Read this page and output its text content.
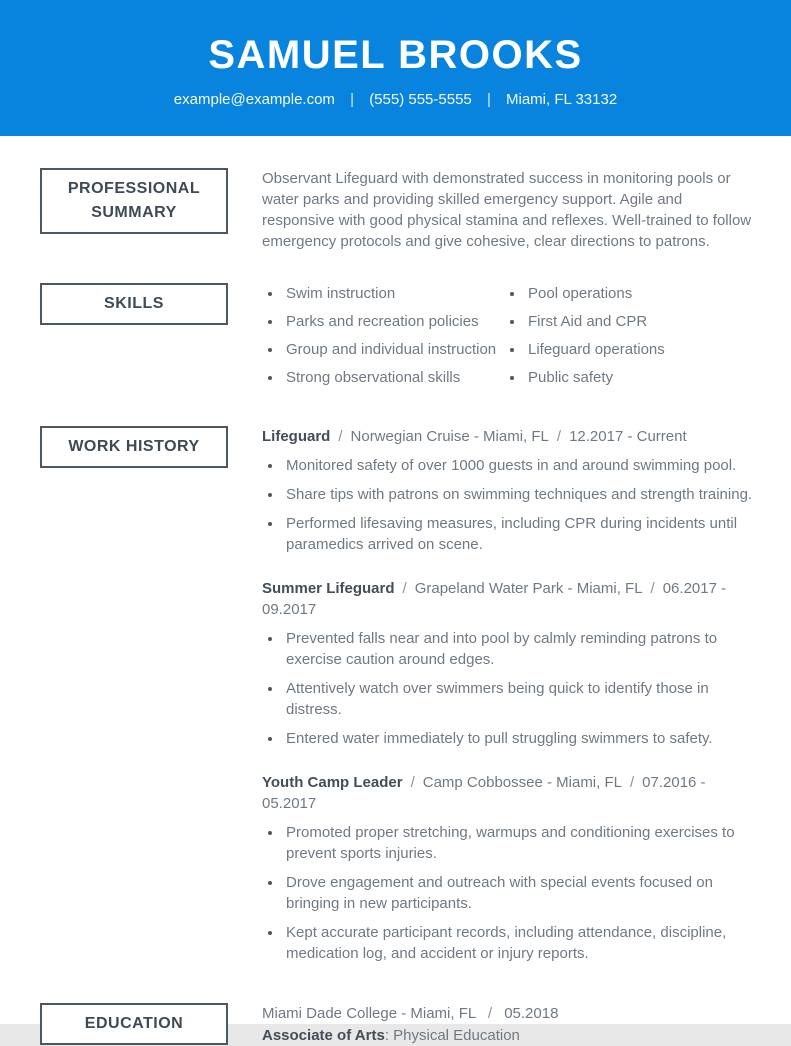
SAMUEL BROOKS
example@example.com | (555) 555-5555 | Miami, FL 33132
PROFESSIONAL SUMMARY

Observant Lifeguard with demonstrated success in monitoring pools or water parks and providing skilled emergency support. Agile and responsive with good physical stamina and reflexes. Well-trained to follow emergency protocols and give cohesive, clear directions to patrons.

SKILLS
• Swim instruction
• Parks and recreation policies
• Group and individual instruction
• Strong observational skills
• Pool operations
• First Aid and CPR
• Lifeguard operations
• Public safety
WORK HISTORY
Lifeguard / Norwegian Cruise - Miami, FL / 12.2017 - Current
• Monitored safety of over 1000 guests in and around swimming pool.
• Share tips with patrons on swimming techniques and strength training.
• Performed lifesaving measures, including CPR during incidents until paramedics arrived on scene.
Summer Lifeguard / Grapeland Water Park - Miami, FL / 06.2017 - 09.2017
• Prevented falls near and into pool by calmly reminding patrons to exercise caution around edges.
• Attentively watch over swimmers being quick to identify those in distress.
• Entered water immediately to pull struggling swimmers to safety.
Youth Camp Leader / Camp Cobbossee - Miami, FL / 07.2016 - 05.2017
• Promoted proper stretching, warmups and conditioning exercises to prevent sports injuries.
• Drove engagement and outreach with special events focused on bringing in new participants.
• Kept accurate participant records, including attendance, discipline, medication log, and accident or injury reports.
EDUCATION
Miami Dade College - Miami, FL / 05.2018
Associate of Arts: Physical Education
